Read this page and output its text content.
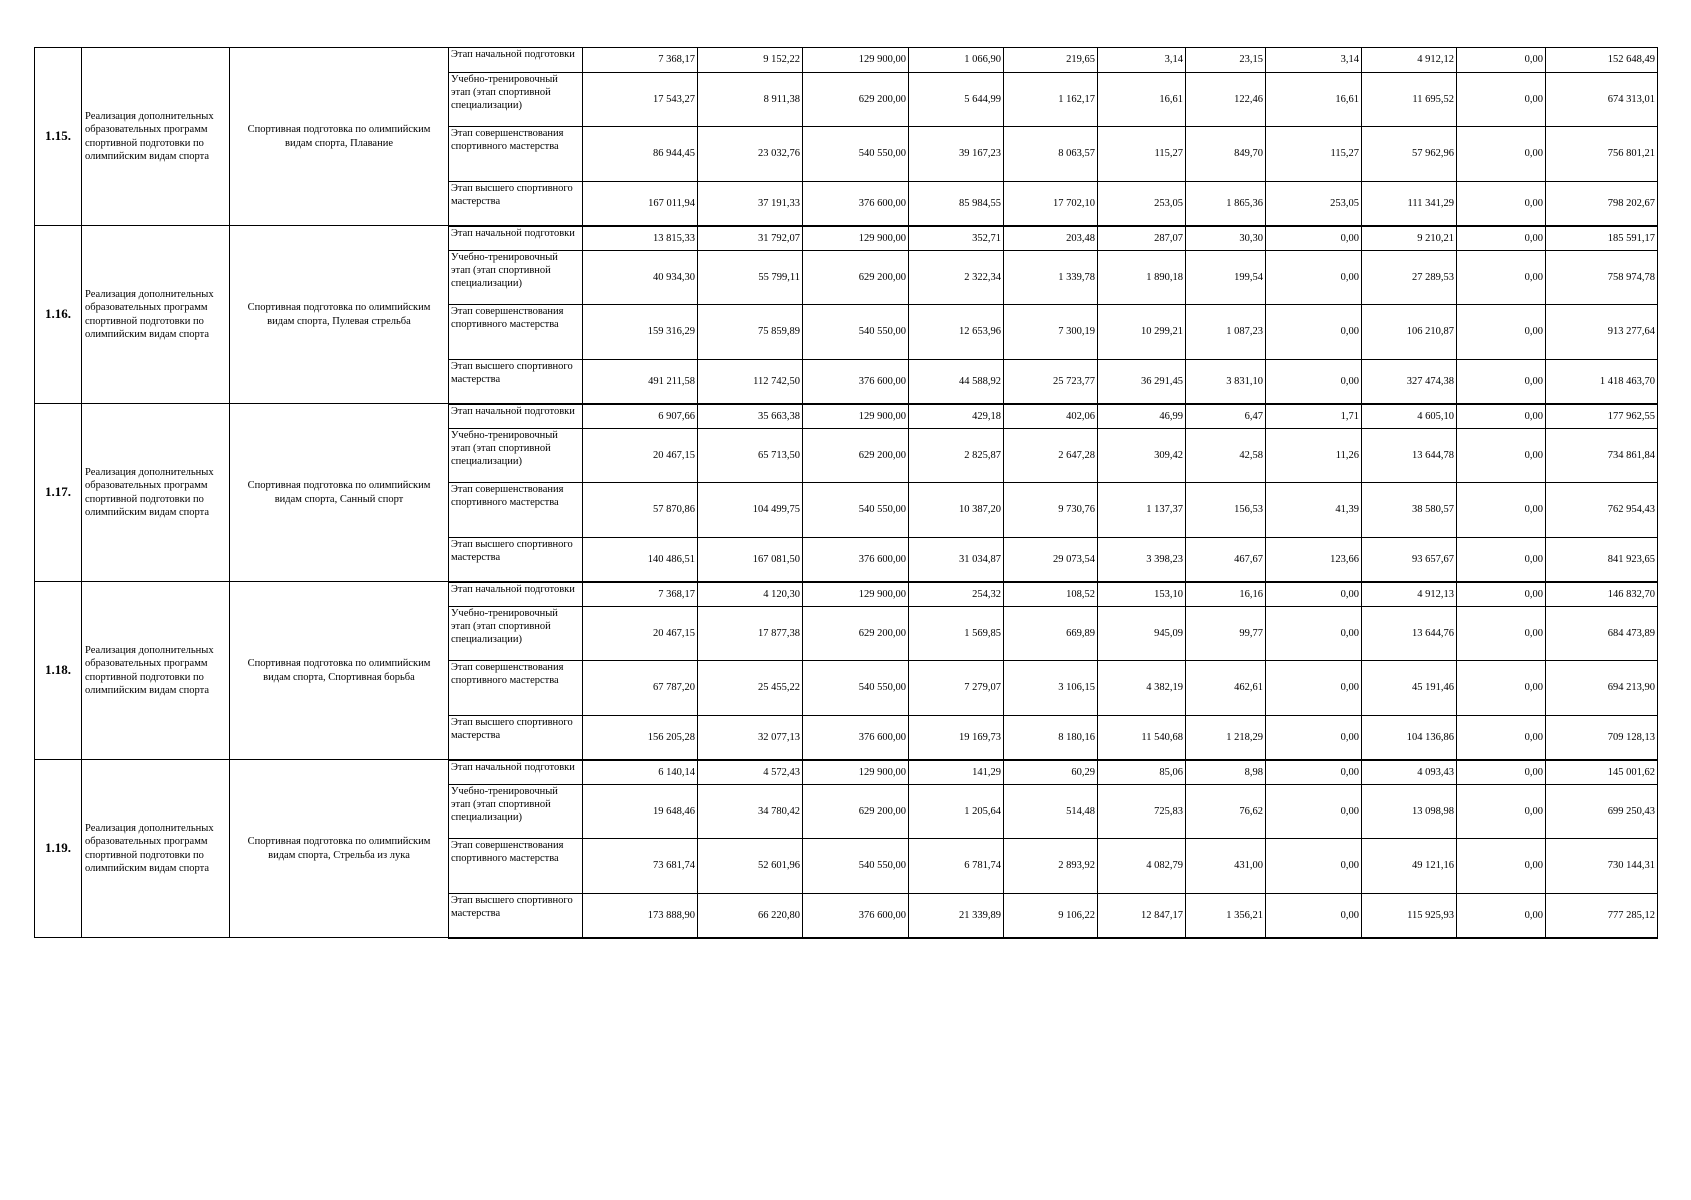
1.15.	Реализация дополнительных образовательных программ спортивной подготовки по олимпийским видам спорта	Спортивная подготовка по олимпийским видам спорта, Плавание	Этап начальной подготовки	7 368,17	9 152,22	129 900,00	1 066,90	219,65	3,14	23,15	3,14	4 912,12	0,00	152 648,49
			Учебно-тренировочный этап (этап спортивной специализации)	17 543,27	8 911,38	629 200,00	5 644,99	1 162,17	16,61	122,46	16,61	11 695,52	0,00	674 313,01
			Этап совершенствования спортивного мастерства	86 944,45	23 032,76	540 550,00	39 167,23	8 063,57	115,27	849,70	115,27	57 962,96	0,00	756 801,21
			Этап высшего спортивного мастерства	167 011,94	37 191,33	376 600,00	85 984,55	17 702,10	253,05	1 865,36	253,05	111 341,29	0,00	798 202,67
1.16.	Реализация дополнительных образовательных программ спортивной подготовки по олимпийским видам спорта	Спортивная подготовка по олимпийским видам спорта, Пулевая стрельба	Этап начальной подготовки	13 815,33	31 792,07	129 900,00	352,71	203,48	287,07	30,30	0,00	9 210,21	0,00	185 591,17
			Учебно-тренировочный этап (этап спортивной специализации)	40 934,30	55 799,11	629 200,00	2 322,34	1 339,78	1 890,18	199,54	0,00	27 289,53	0,00	758 974,78
			Этап совершенствования спортивного мастерства	159 316,29	75 859,89	540 550,00	12 653,96	7 300,19	10 299,21	1 087,23	0,00	106 210,87	0,00	913 277,64
			Этап высшего спортивного мастерства	491 211,58	112 742,50	376 600,00	44 588,92	25 723,77	36 291,45	3 831,10	0,00	327 474,38	0,00	1 418 463,70
1.17.	Реализация дополнительных образовательных программ спортивной подготовки по олимпийским видам спорта	Спортивная подготовка по олимпийским видам спорта, Санный спорт	Этап начальной подготовки	6 907,66	35 663,38	129 900,00	429,18	402,06	46,99	6,47	1,71	4 605,10	0,00	177 962,55
			Учебно-тренировочный этап (этап спортивной специализации)	20 467,15	65 713,50	629 200,00	2 825,87	2 647,28	309,42	42,58	11,26	13 644,78	0,00	734 861,84
			Этап совершенствования спортивного мастерства	57 870,86	104 499,75	540 550,00	10 387,20	9 730,76	1 137,37	156,53	41,39	38 580,57	0,00	762 954,43
			Этап высшего спортивного мастерства	140 486,51	167 081,50	376 600,00	31 034,87	29 073,54	3 398,23	467,67	123,66	93 657,67	0,00	841 923,65
1.18.	Реализация дополнительных образовательных программ спортивной подготовки по олимпийским видам спорта	Спортивная подготовка по олимпийским видам спорта, Спортивная борьба	Этап начальной подготовки	7 368,17	4 120,30	129 900,00	254,32	108,52	153,10	16,16	0,00	4 912,13	0,00	146 832,70
			Учебно-тренировочный этап (этап спортивной специализации)	20 467,15	17 877,38	629 200,00	1 569,85	669,89	945,09	99,77	0,00	13 644,76	0,00	684 473,89
			Этап совершенствования спортивного мастерства	67 787,20	25 455,22	540 550,00	7 279,07	3 106,15	4 382,19	462,61	0,00	45 191,46	0,00	694 213,90
			Этап высшего спортивного мастерства	156 205,28	32 077,13	376 600,00	19 169,73	8 180,16	11 540,68	1 218,29	0,00	104 136,86	0,00	709 128,13
1.19.	Реализация дополнительных образовательных программ спортивной подготовки по олимпийским видам спорта	Спортивная подготовка по олимпийским видам спорта, Стрельба из лука	Этап начальной подготовки	6 140,14	4 572,43	129 900,00	141,29	60,29	85,06	8,98	0,00	4 093,43	0,00	145 001,62
			Учебно-тренировочный этап (этап спортивной специализации)	19 648,46	34 780,42	629 200,00	1 205,64	514,48	725,83	76,62	0,00	13 098,98	0,00	699 250,43
			Этап совершенствования спортивного мастерства	73 681,74	52 601,96	540 550,00	6 781,74	2 893,92	4 082,79	431,00	0,00	49 121,16	0,00	730 144,31
			Этап высшего спортивного мастерства	173 888,90	66 220,80	376 600,00	21 339,89	9 106,22	12 847,17	1 356,21	0,00	115 925,93	0,00	777 285,12
